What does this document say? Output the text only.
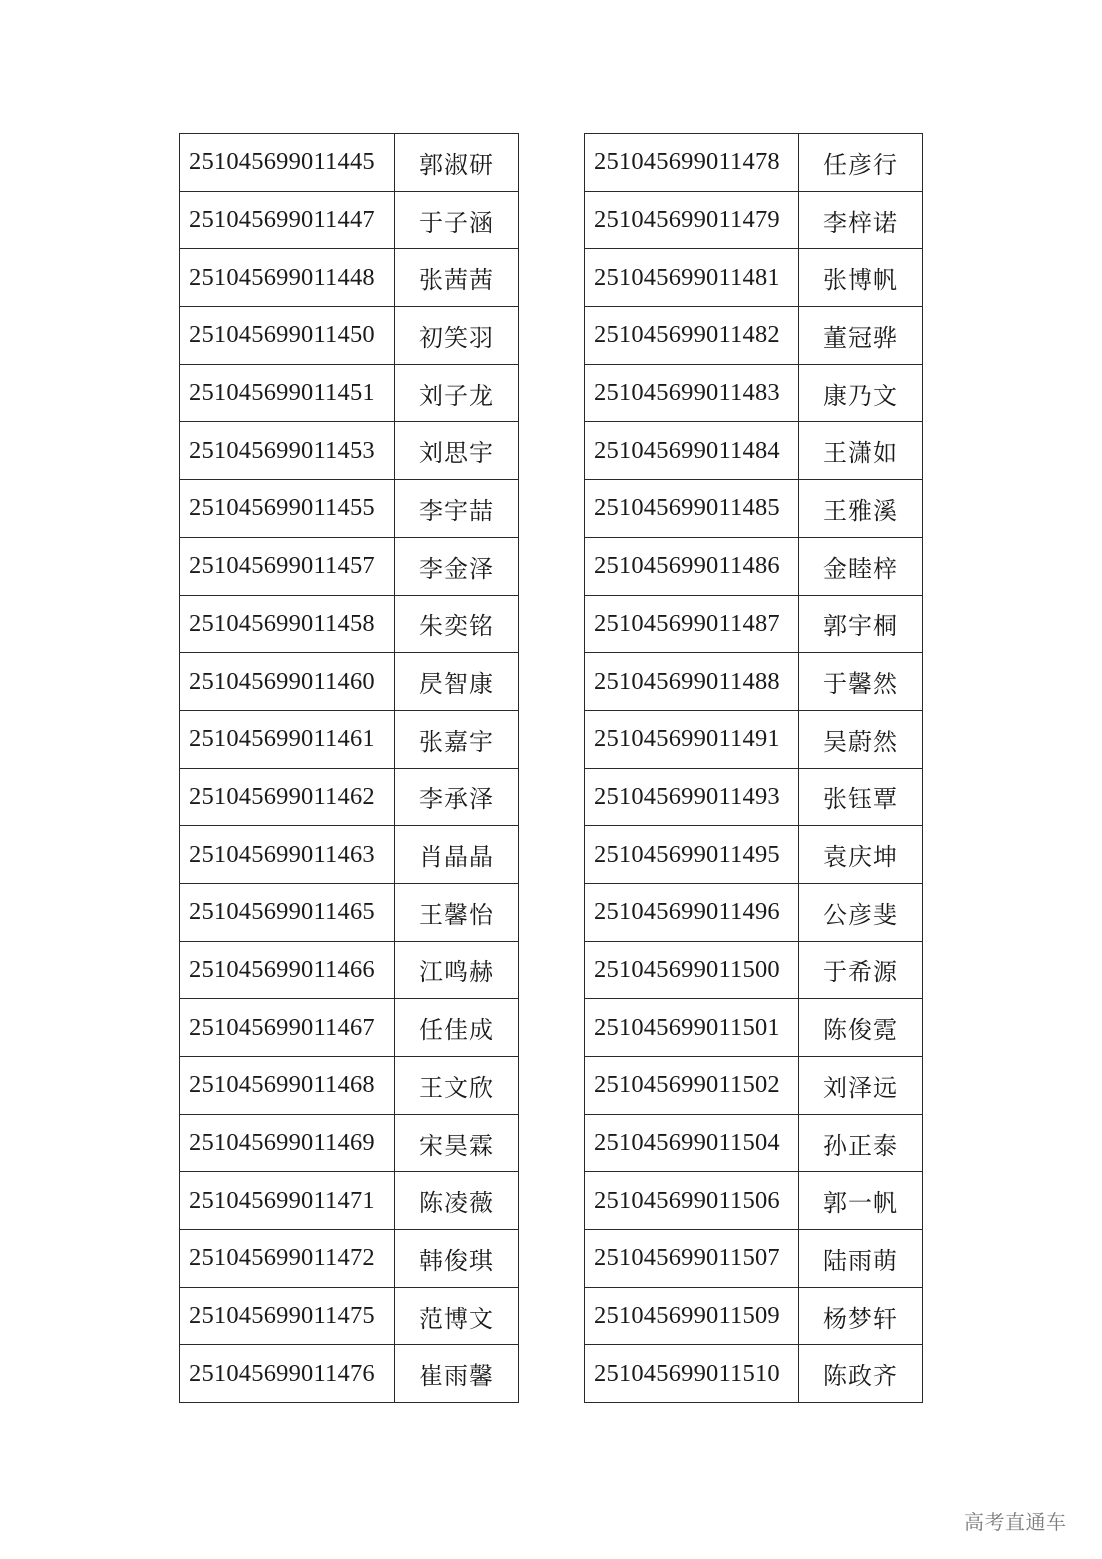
251045699011445	郭淑研
251045699011447	于子涵
251045699011448	张茜茜
251045699011450	初笑羽
251045699011451	刘子龙
251045699011453	刘思宇
251045699011455	李宇喆
251045699011457	李金泽
251045699011458	朱奕铭
251045699011460	昃智康
251045699011461	张嘉宇
251045699011462	李承泽
251045699011463	肖晶晶
251045699011465	王馨怡
251045699011466	江鸣赫
251045699011467	任佳成
251045699011468	王文欣
251045699011469	宋昊霖
251045699011471	陈凌薇
251045699011472	韩俊琪
251045699011475	范博文
251045699011476	崔雨馨
251045699011478	任彦行
251045699011479	李梓诺
251045699011481	张博帆
251045699011482	董冠骅
251045699011483	康乃文
251045699011484	王潇如
251045699011485	王雅溪
251045699011486	金睦梓
251045699011487	郭宇桐
251045699011488	于馨然
251045699011491	吴蔚然
251045699011493	张钰覃
251045699011495	袁庆坤
251045699011496	公彦斐
251045699011500	于希源
251045699011501	陈俊霓
251045699011502	刘泽远
251045699011504	孙正泰
251045699011506	郭一帆
251045699011507	陆雨萌
251045699011509	杨梦轩
251045699011510	陈政齐
高考直通车
